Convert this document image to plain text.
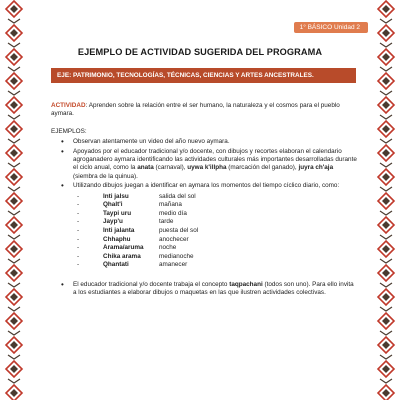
1° BÁSICO Unidad 2
EJEMPLO DE ACTIVIDAD SUGERIDA DEL PROGRAMA
EJE: PATRIMONIO, TECNOLOGÍAS, TÉCNICAS, CIENCIAS Y ARTES ANCESTRALES.

ACTIVIDAD: Aprenden sobre la relación entre el ser humano, la naturaleza y el cosmos para el pueblo aymara.

EJEMPLOS:
• Observan atentamente un video del año nuevo aymara.
• Apoyados por el educador tradicional y/o docente, con dibujos y recortes elaboran el calendario agroganadero aymara identificando las actividades culturales más importantes desarrolladas durante el ciclo anual, como la anata (carnaval), uywa k'illpha (marcación del ganado), juyra ch'aja (siembra de la quinua).
• Utilizando dibujos juegan a identificar en aymara los momentos del tiempo cíclico diario, como:
-	Inti jalsu	salida del sol
-	Qhalt'i	mañana
-	Taypi uru	medio día
-	Jayp'u	tarde
-	Inti jalanta	puesta del sol
-	Chhaphu	anochecer
-	Arama/aruma	noche
-	Chika arama	medianoche
-	Qhantati	amanecer
• El educador tradicional y/o docente trabaja el concepto taqpachani (todos son uno). Para ello invita a los estudiantes a elaborar dibujos o maquetas en las que ilustren actividades colectivas.
